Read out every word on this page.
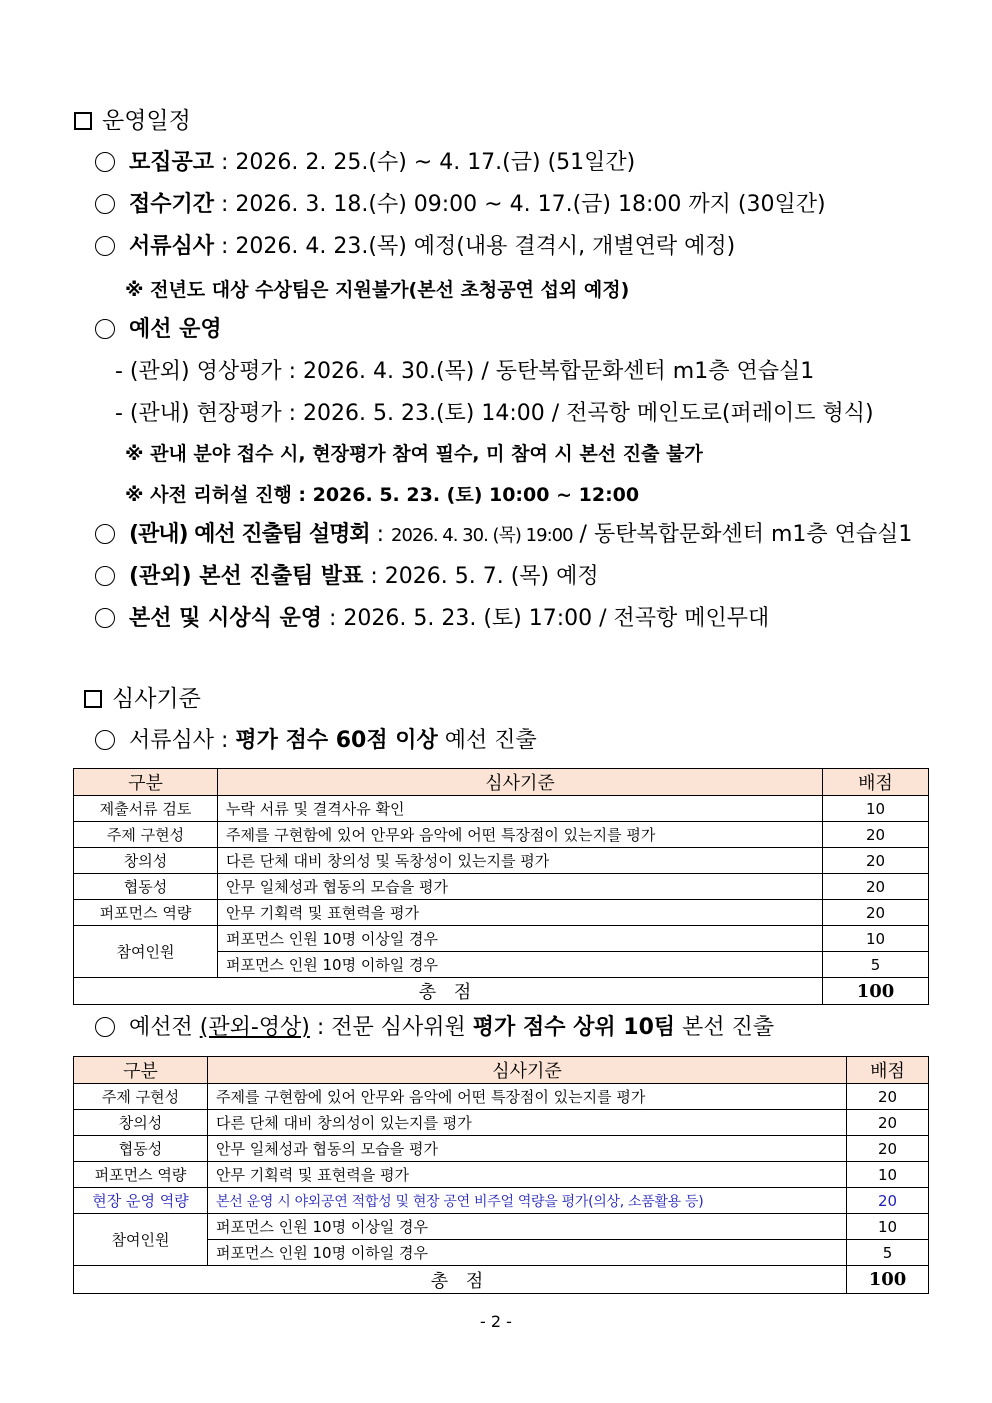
운영일정
모집공고 : 2026. 2. 25.(수) ~ 4. 17.(금) (51일간)
접수기간 : 2026. 3. 18.(수) 09:00 ~ 4. 17.(금) 18:00 까지 (30일간)
서류심사 : 2026. 4. 23.(목) 예정(내용 결격시, 개별연락 예정)
※ 전년도 대상 수상팀은 지원불가(본선 초청공연 섭외 예정)
예선 운영
- (관외) 영상평가 : 2026. 4. 30.(목) / 동탄복합문화센터 m1층 연습실1
- (관내) 현장평가 : 2026. 5. 23.(토) 14:00 / 전곡항 메인도로(퍼레이드 형식)
※ 관내 분야 접수 시, 현장평가 참여 필수, 미 참여 시 본선 진출 불가
※ 사전 리허설 진행 : 2026. 5. 23. (토) 10:00 ~ 12:00
(관내) 예선 진출팀 설명회 : 2026. 4. 30. (목) 19:00 / 동탄복합문화센터 m1층 연습실1
(관외) 본선 진출팀 발표 : 2026. 5. 7. (목) 예정
본선 및 시상식 운영 : 2026. 5. 23. (토) 17:00 / 전곡항 메인무대
심사기준
서류심사 : 평가 점수 60점 이상 예선 진출
구분	심사기준	배점
제출서류 검토	누락 서류 및 결격사유 확인	10
주제 구현성	주제를 구현함에 있어 안무와 음악에 어떤 특장점이 있는지를 평가	20
창의성	다른 단체 대비 창의성 및 독창성이 있는지를 평가	20
협동성	안무 일체성과 협동의 모습을 평가	20
퍼포먼스 역량	안무 기획력 및 표현력을 평가	20
참여인원	퍼포먼스 인원 10명 이상일 경우	10
	퍼포먼스 인원 10명 이하일 경우	5
총 점		100
예선전 (관외-영상) : 전문 심사위원 평가 점수 상위 10팀 본선 진출
구분	심사기준	배점
주제 구현성	주제를 구현함에 있어 안무와 음악에 어떤 특장점이 있는지를 평가	20
창의성	다른 단체 대비 창의성이 있는지를 평가	20
협동성	안무 일체성과 협동의 모습을 평가	20
퍼포먼스 역량	안무 기획력 및 표현력을 평가	10
현장 운영 역량	본선 운영 시 야외공연 적합성 및 현장 공연 비주얼 역량을 평가(의상, 소품활용 등)	20
참여인원	퍼포먼스 인원 10명 이상일 경우	10
	퍼포먼스 인원 10명 이하일 경우	5
총 점		100
- 2 -
